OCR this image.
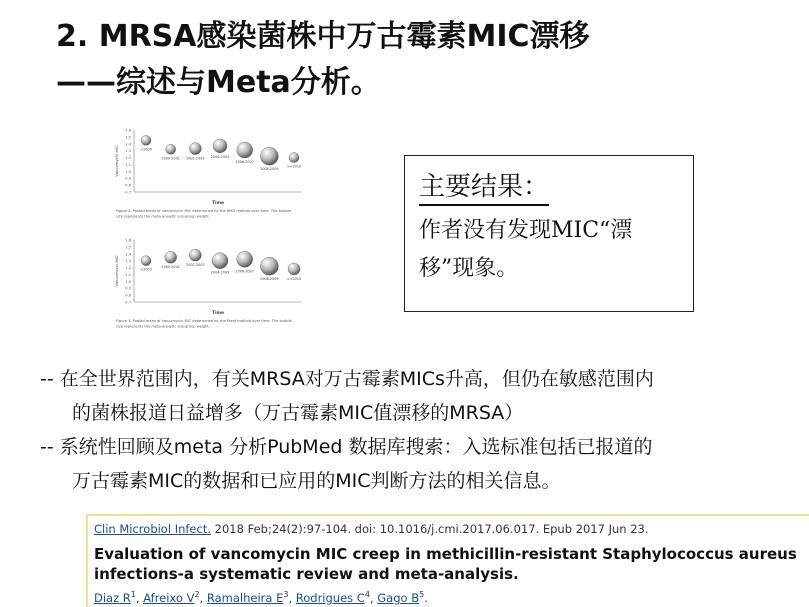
2. MRSA感染菌株中万古霉素MIC漂移
——综述与Meta分析。
0.7
0.8
0.9
1.0
1.1
1.2
1.3
1.4
1.5
1.6
Vancomycin MIC
Time
<2000
2000-2001 2002-2003 2004-2005
2006-2007
2008-2009
>=2010
Figure 2. Pooled mean of vancomycin MIC determined by the BMD method over time. The bubble
size represents the meta-analytic sub-group weight.
0.7
0.8
0.9
1.0
1.1
1.2
1.3
1.4
1.5
1.6
Vancomycin MIC
Time
<2000
2000-2001
2002-2003
2004-2005 2006-2007
2008-2009 >=2010
Figure 3. Pooled mean of vancomycin MIC determined by the Etest method over time. The bubble
size represents the meta-analytic sub-group weight.
主要结果：
作者没有发现MIC“漂
移”现象。

-- 在全世界范围内，有关MRSA对万古霉素MICs升高，但仍在敏感范围内

的菌株报道日益增多（万古霉素MIC值漂移的MRSA）

-- 系统性回顾及meta 分析PubMed 数据库搜索：入选标准包括已报道的

万古霉素MIC的数据和已应用的MIC判断方法的相关信息。

Clin Microbiol Infect. 2018 Feb;24(2):97-104. doi: 10.1016/j.cmi.2017.06.017. Epub 2017 Jun 23.
Evaluation of vancomycin MIC creep in methicillin-resistant Staphylococcus aureus infections-a systematic review and meta-analysis.
Diaz $R^1$, Afreixo $V^2$, Ramalheira $E^3$, Rodrigues $C^4$, Gago $B^5$.
